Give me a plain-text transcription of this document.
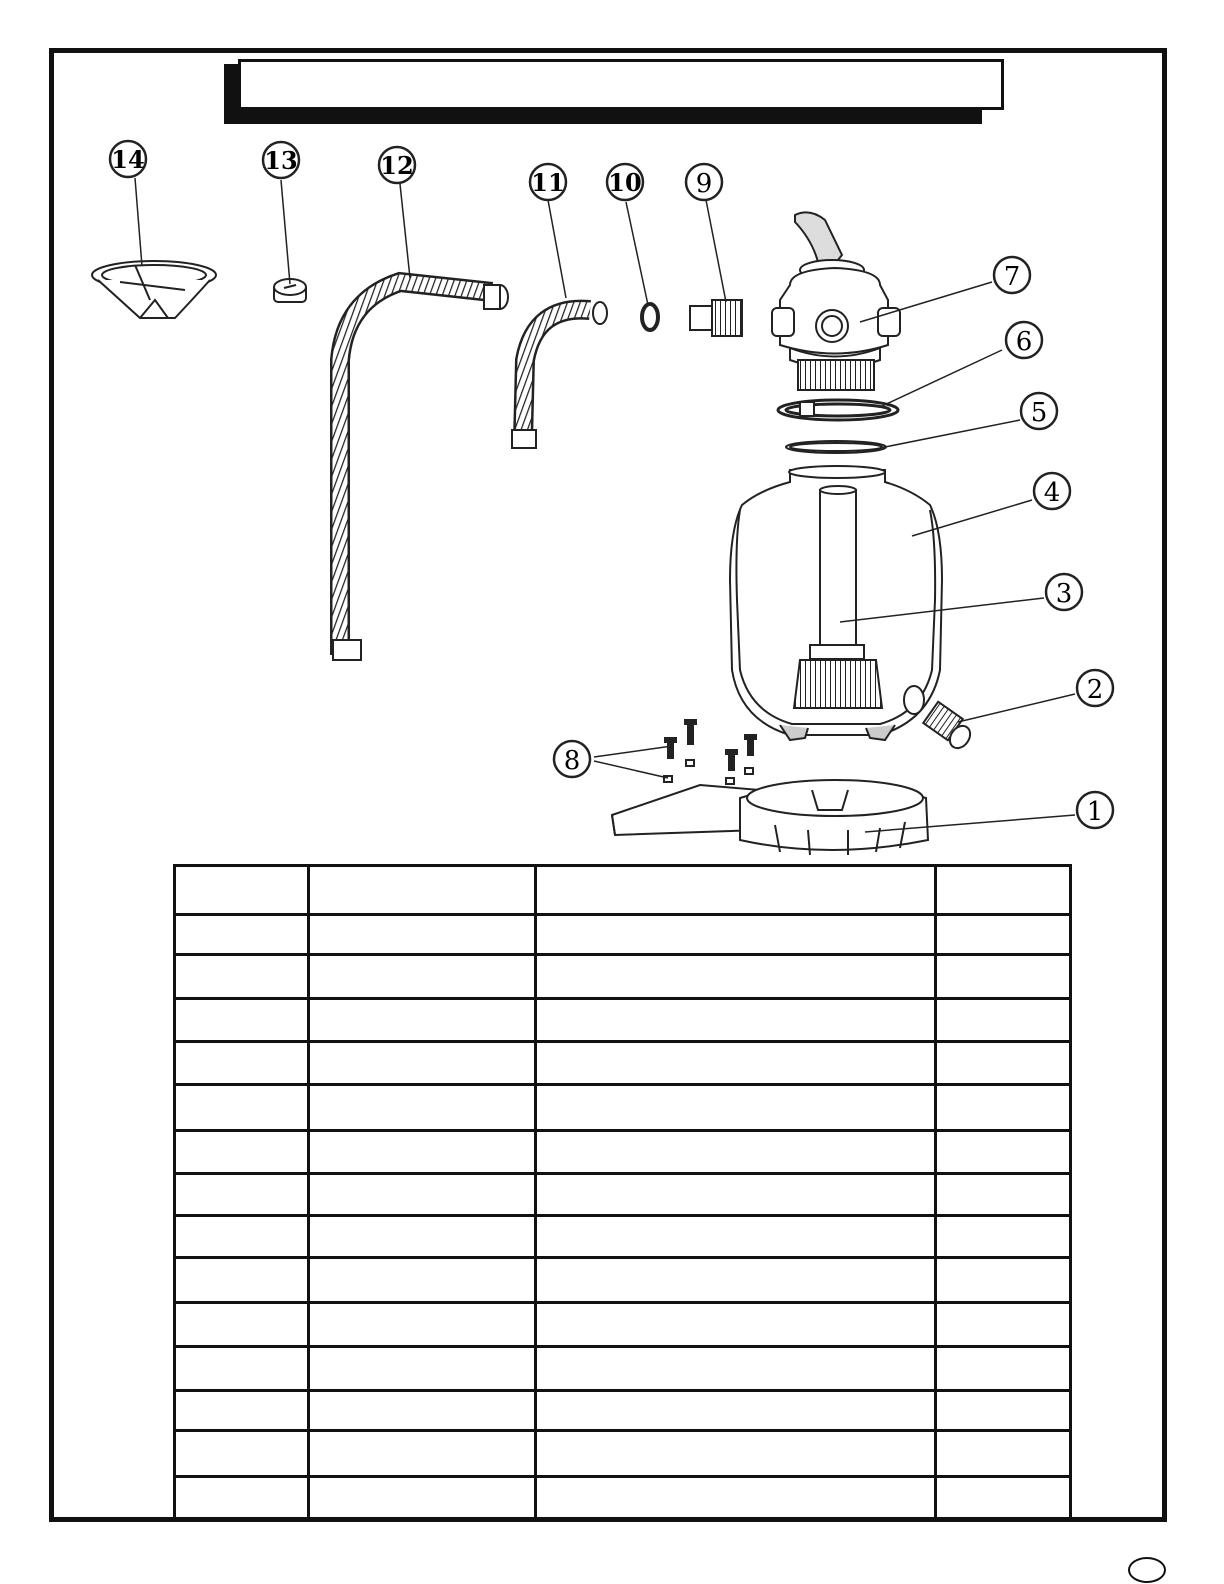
14	13	12
11 10 9
7
6
5
4
3
2
8
1
